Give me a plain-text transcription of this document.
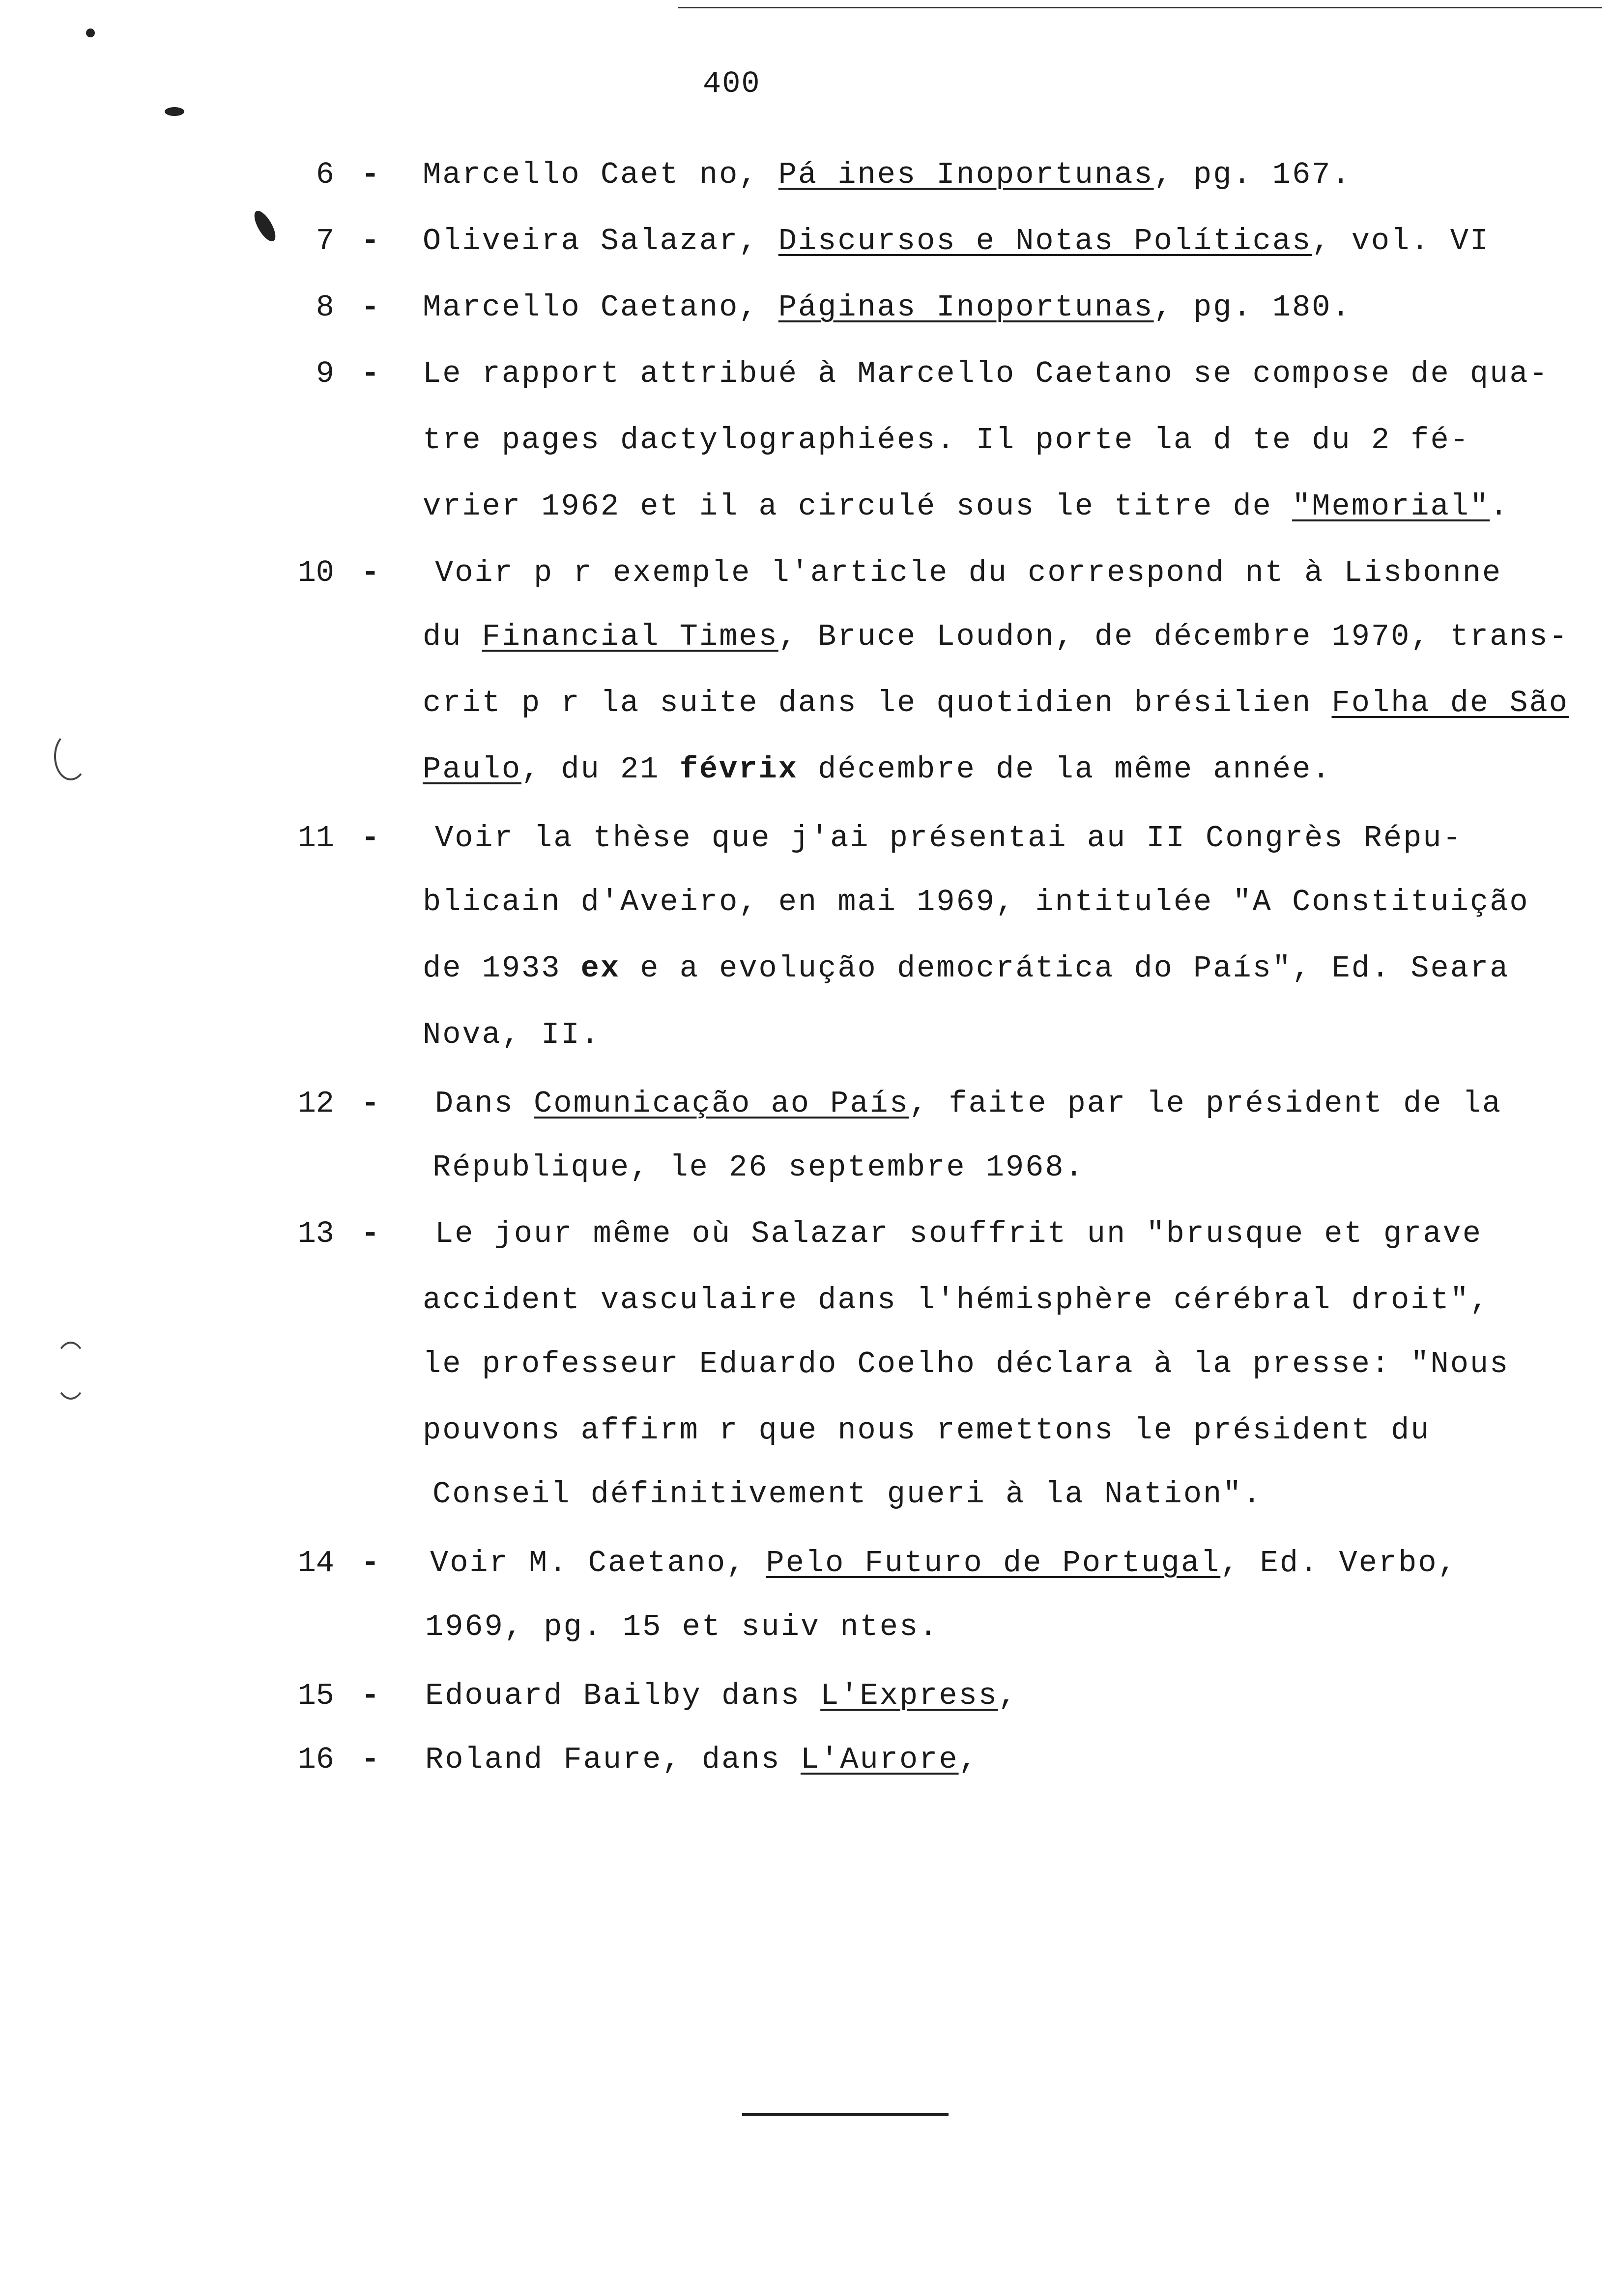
400
6 - Marcello Caet no, Pá ines Inoportunas, pg. 167.
7 - Oliveira Salazar, Discursos e Notas Políticas, vol. VI
8 - Marcello Caetano, Páginas Inoportunas, pg. 180.
9 - Le rapport attribué à Marcello Caetano se compose de qua-
tre pages dactylographiées. Il porte la d te du 2 fé-
vrier 1962 et il a circulé sous le titre de "Memorial".
10 - Voir p r exemple l'article du correspond nt à Lisbonne
du Financial Times, Bruce Loudon, de décembre 1970, trans-
crit p r la suite dans le quotidien brésilien Folha de São
Paulo, du 21 févrix décembre de la même année.
11 - Voir la thèse que j'ai présentai au II Congrès Répu-
blicain d'Aveiro, en mai 1969, intitulée "A Constituição
de 1933 ex e a evolução democrática do País", Ed. Seara
Nova, II.
12 - Dans Comunicação ao País, faite par le président de la
République, le 26 septembre 1968.
13 - Le jour même où Salazar souffrit un "brusque et grave
accident vasculaire dans l'hémisphère cérébral droit",
le professeur Eduardo Coelho déclara à la presse: "Nous
pouvons affirm r que nous remettons le président du
Conseil définitivement gueri à la Nation".
14 - Voir M. Caetano, Pelo Futuro de Portugal, Ed. Verbo,
1969, pg. 15 et suiv ntes.
15 - Edouard Bailby dans L'Express,
16 - Roland Faure, dans L'Aurore,
